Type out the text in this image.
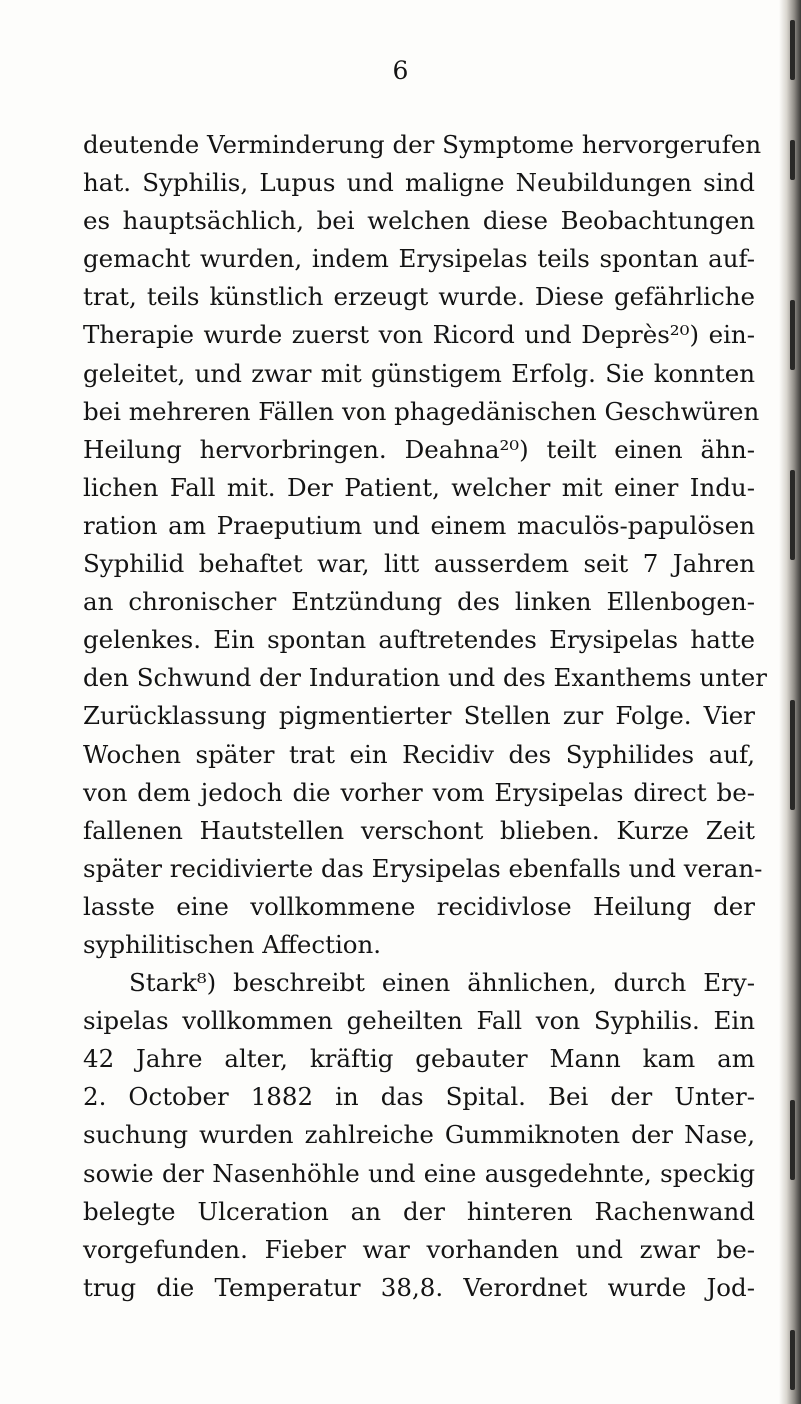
6
deutende Verminderung der Symptome hervorgerufen
hat. Syphilis, Lupus und maligne Neubildungen sind
es hauptsächlich, bei welchen diese Beobachtungen
gemacht wurden, indem Erysipelas teils spontan auf-
trat, teils künstlich erzeugt wurde. Diese gefährliche
Therapie wurde zuerst von Ricord und Deprès²⁰) ein-
geleitet, und zwar mit günstigem Erfolg. Sie konnten
bei mehreren Fällen von phagedänischen Geschwüren
Heilung hervorbringen. Deahna²⁰) teilt einen ähn-
lichen Fall mit. Der Patient, welcher mit einer Indu-
ration am Praeputium und einem maculös-papulösen
Syphilid behaftet war, litt ausserdem seit 7 Jahren
an chronischer Entzündung des linken Ellenbogen-
gelenkes. Ein spontan auftretendes Erysipelas hatte
den Schwund der Induration und des Exanthems unter
Zurücklassung pigmentierter Stellen zur Folge. Vier
Wochen später trat ein Recidiv des Syphilides auf,
von dem jedoch die vorher vom Erysipelas direct be-
fallenen Hautstellen verschont blieben. Kurze Zeit
später recidivierte das Erysipelas ebenfalls und veran-
lasste eine vollkommene recidivlose Heilung der
syphilitischen Affection.
Stark⁸) beschreibt einen ähnlichen, durch Ery-
sipelas vollkommen geheilten Fall von Syphilis. Ein
42 Jahre alter, kräftig gebauter Mann kam am
2. October 1882 in das Spital. Bei der Unter-
suchung wurden zahlreiche Gummiknoten der Nase,
sowie der Nasenhöhle und eine ausgedehnte, speckig
belegte Ulceration an der hinteren Rachenwand
vorgefunden. Fieber war vorhanden und zwar be-
trug die Temperatur 38,8. Verordnet wurde Jod-
